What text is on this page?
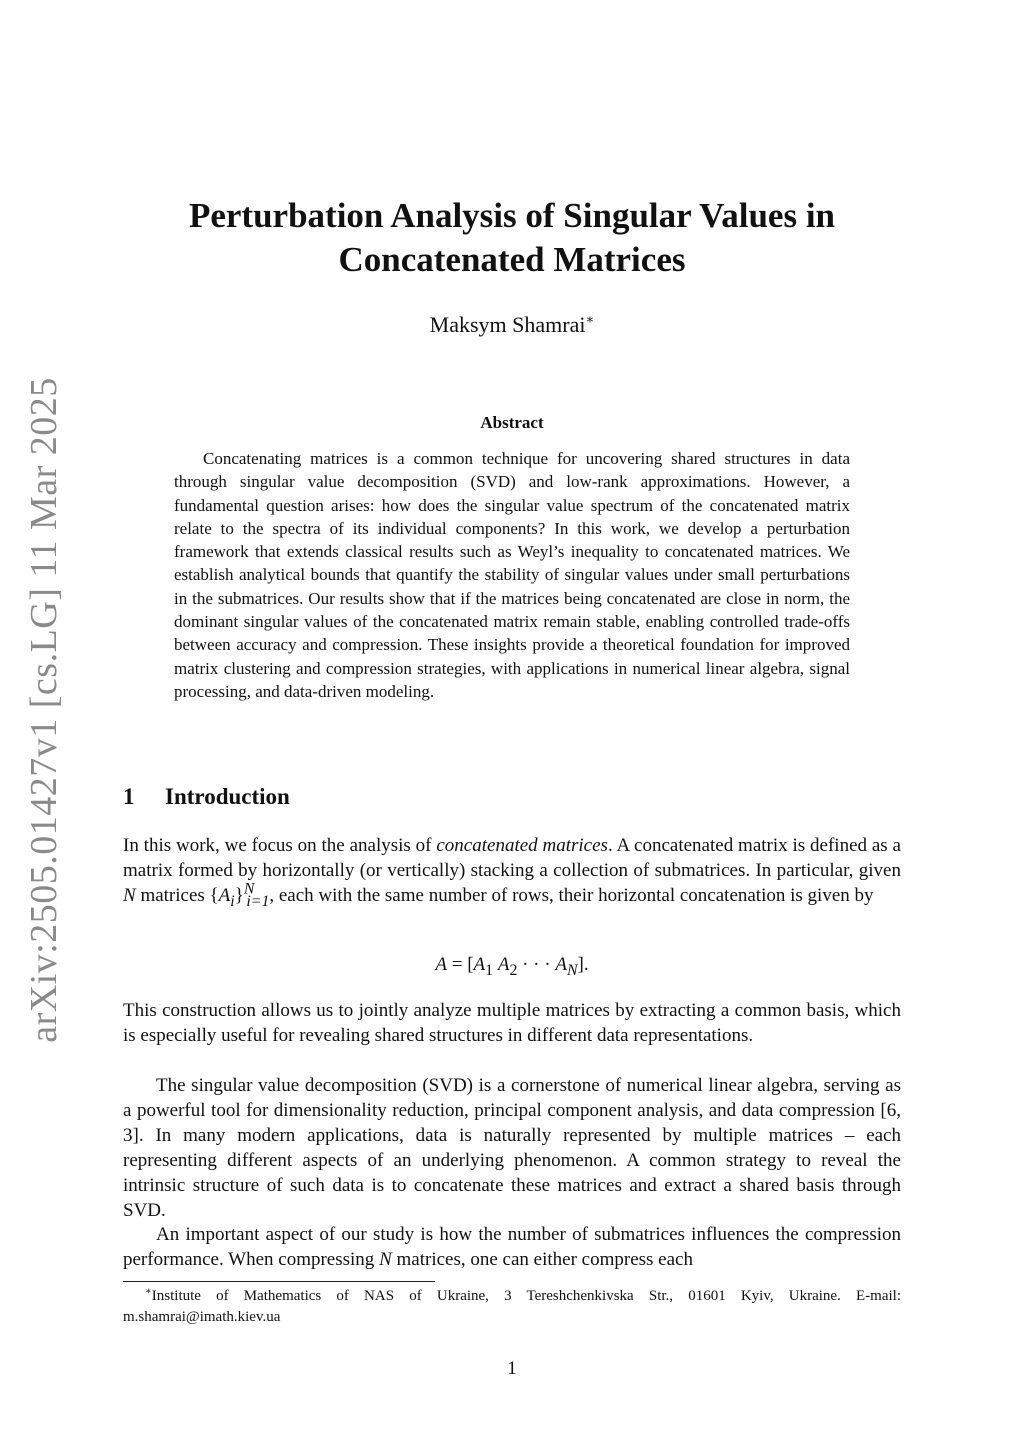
arXiv:2505.01427v1 [cs.LG] 11 Mar 2025
Perturbation Analysis of Singular Values in Concatenated Matrices
Maksym Shamrai∗
Abstract

Concatenating matrices is a common technique for uncovering shared structures in data through singular value decomposition (SVD) and low-rank approximations. However, a fundamental question arises: how does the singular value spectrum of the concatenated matrix relate to the spectra of its individual components? In this work, we develop a perturbation framework that extends classical results such as Weyl’s inequality to concatenated matrices. We establish analytical bounds that quantify the stability of singular values under small perturbations in the submatrices. Our results show that if the matrices being concatenated are close in norm, the dominant singular values of the concatenated matrix remain stable, enabling controlled trade-offs between accuracy and compression. These insights provide a theoretical foundation for improved matrix clustering and compression strategies, with applications in numerical linear algebra, signal processing, and data-driven modeling.

1 Introduction

In this work, we focus on the analysis of concatenated matrices. A concatenated matrix is defined as a matrix formed by horizontally (or vertically) stacking a collection of submatrices. In particular, given N matrices $\{A_i\}^N_{i=1}$, each with the same number of rows, their horizontal concatenation is given by

$A = [A_1$ $A_2$ · · · $A_N$].

This construction allows us to jointly analyze multiple matrices by extracting a common basis, which is especially useful for revealing shared structures in different data representations.

The singular value decomposition (SVD) is a cornerstone of numerical linear algebra, serving as a powerful tool for dimensionality reduction, principal component analysis, and data compression [6, 3]. In many modern applications, data is naturally represented by multiple matrices – each representing different aspects of an underlying phenomenon. A common strategy to reveal the intrinsic structure of such data is to concatenate these matrices and extract a shared basis through SVD.

An important aspect of our study is how the number of submatrices influences the compression performance. When compressing N matrices, one can either compress each

∗Institute of Mathematics of NAS of Ukraine, 3 Tereshchenkivska Str., 01601 Kyiv, Ukraine. E-mail: m.shamrai@imath.kiev.ua

1
